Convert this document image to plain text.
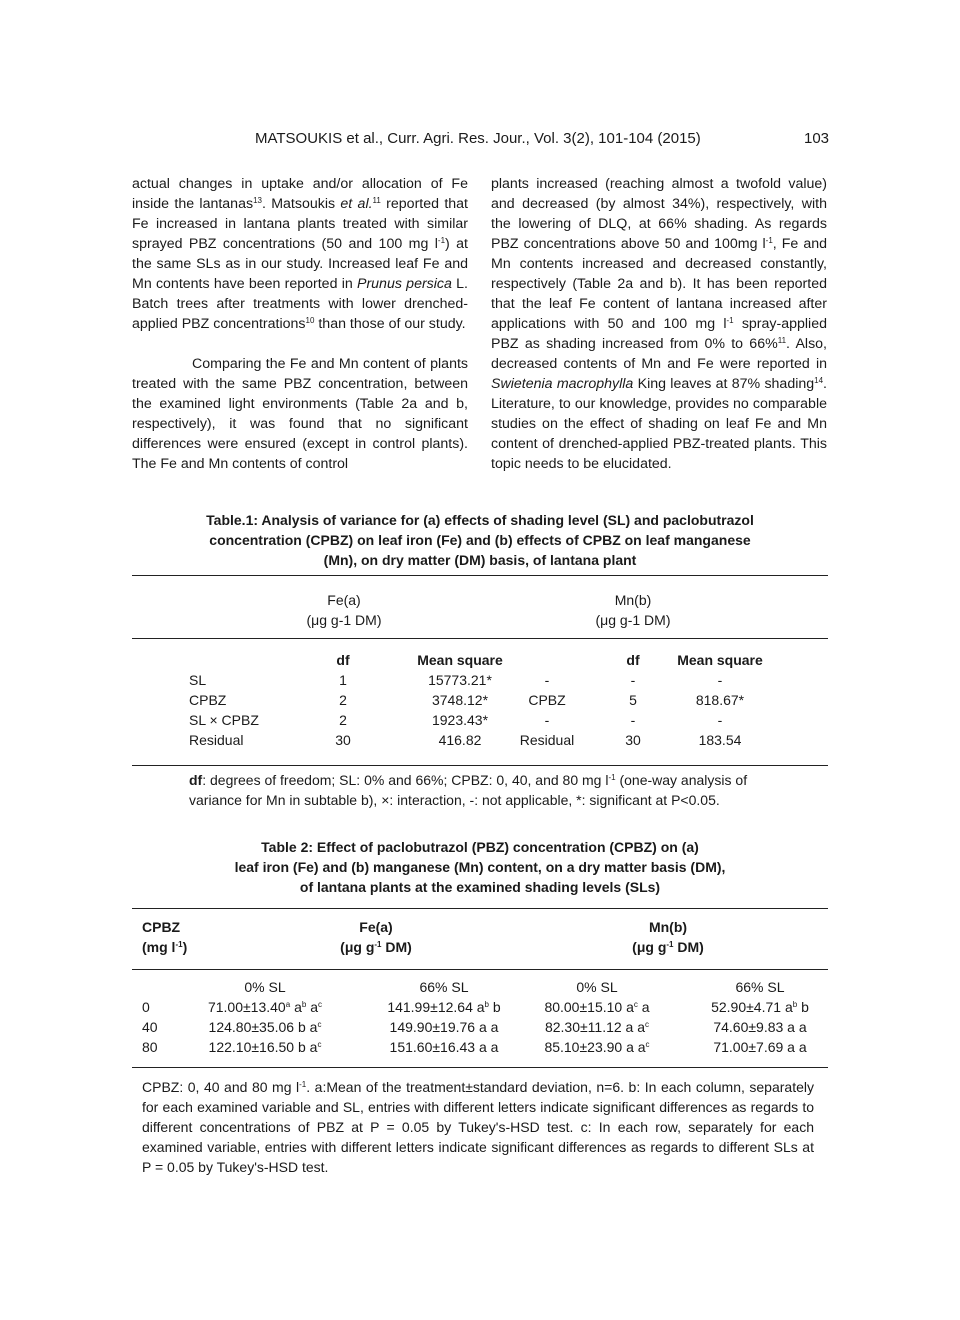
MATSOUKIS et al., Curr. Agri. Res. Jour., Vol. 3(2), 101-104 (2015)	103

actual changes in uptake and/or allocation of Fe inside the lantanas$^{13}$. Matsoukis et al.$^{11}$ reported that Fe increased in lantana plants treated with similar sprayed PBZ concentrations (50 and 100 mg $l^{-1}$) at the same SLs as in our study. Increased leaf Fe and Mn contents have been reported in Prunus persica L. Batch trees after treatments with lower drenched-applied PBZ concentrations$^{10}$ than those of our study.

Comparing the Fe and Mn content of plants treated with the same PBZ concentration, between the examined light environments (Table 2a and b, respectively), it was found that no significant differences were ensured (except in control plants). The Fe and Mn contents of control

plants increased (reaching almost a twofold value) and decreased (by almost 34%), respectively, with the lowering of DLQ, at 66% shading. As regards PBZ concentrations above 50 and 100mg $l^{-1}$, Fe and Mn contents increased and decreased constantly, respectively (Table 2a and b). It has been reported that the leaf Fe content of lantana increased after applications with 50 and 100 mg $l^{-1}$ spray-applied PBZ as shading increased from 0% to 66%$^{11}$. Also, decreased contents of Mn and Fe were reported in Swietenia macrophylla King leaves at 87% shading$^{14}$. Literature, to our knowledge, provides no comparable studies on the effect of shading on leaf Fe and Mn content of drenched-applied PBZ-treated plants. This topic needs to be elucidated.

Table.1: Analysis of variance for (a) effects of shading level (SL) and paclobutrazol
concentration (CPBZ) on leaf iron (Fe) and (b) effects of CPBZ on leaf manganese
(Mn), on dry matter (DM) basis, of lantana plant
Fe(a)
(μg g-1 DM)
Mn(b)
(μg g-1 DM)
df	Mean square	df	Mean square
SL	1	15773.21*	-	-	-
CPBZ	2	3748.12*	CPBZ	5	818.67*
SL × CPBZ	2	1923.43*	-	-	-
Residual	30	416.82	Residual	30	183.54
df: degrees of freedom; SL: 0% and 66%; CPBZ: 0, 40, and 80 mg $l^{-1}$ (one-way analysis of variance for Mn in subtable b), ×: interaction, -: not applicable, *: significant at P<0.05.
Table 2: Effect of paclobutrazol (PBZ) concentration (CPBZ) on (a)
leaf iron (Fe) and (b) manganese (Mn) content, on a dry matter basis (DM),
of lantana plants at the examined shading levels (SLs)
CPBZ
(mg $l^{-1}$)
Fe(a)
(μg $g^{-1}$ DM)
Mn(b)
(μg $g^{-1}$ DM)
0% SL	66% SL	0% SL	66% SL
0	71.00±13.40$^a$ $a^b$ $a^c$	141.99±12.64 $a^b$ b	80.00±15.10 $a^c$ a	52.90±4.71 $a^b$ b
40	124.80±35.06 b $a^c$	149.90±19.76 a a	82.30±11.12 a $a^c$	74.60±9.83 a a
80	122.10±16.50 b $a^c$	151.60±16.43 a a	85.10±23.90 a $a^c$	71.00±7.69 a a
CPBZ: 0, 40 and 80 mg $l^{-1}$. a:Mean of the treatment±standard deviation, n=6. b: In each column, separately for each examined variable and SL, entries with different letters indicate significant differences as regards to different concentrations of PBZ at P = 0.05 by Tukey's-HSD test. c: In each row, separately for each examined variable, entries with different letters indicate significant differences as regards to different SLs at P = 0.05 by Tukey's-HSD test.
